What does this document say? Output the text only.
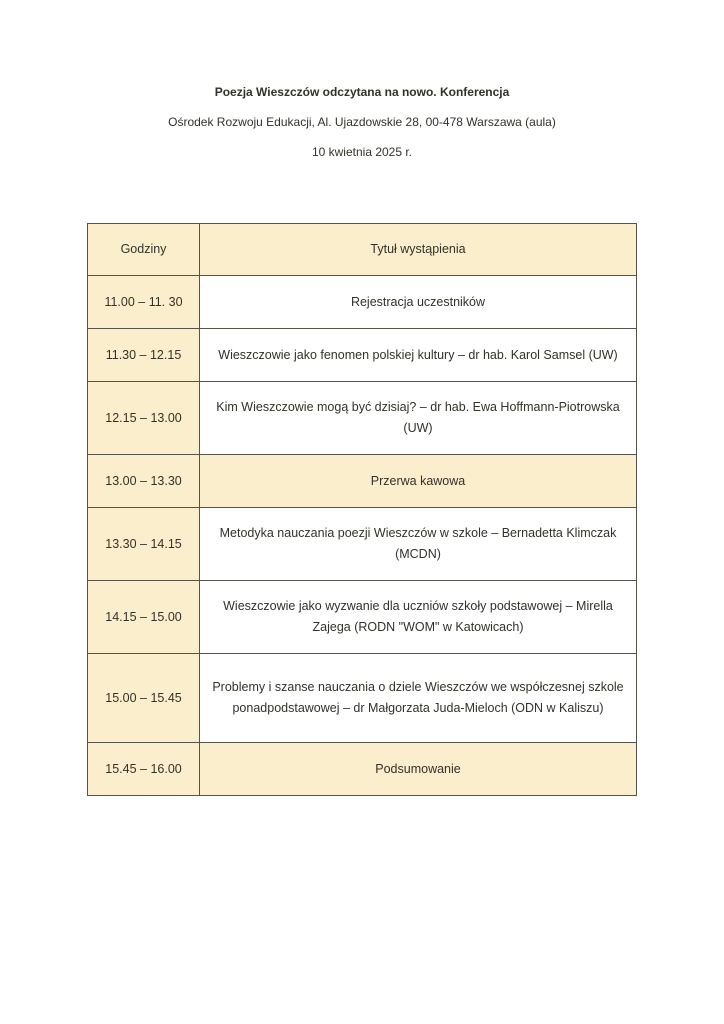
Poezja Wieszczów odczytana na nowo. Konferencja

Ośrodek Rozwoju Edukacji, Al. Ujazdowskie 28, 00-478 Warszawa (aula)

10 kwietnia 2025 r.

Godziny	Tytuł wystąpienia
11.00 – 11. 30	Rejestracja uczestników
11.30 – 12.15	Wieszczowie jako fenomen polskiej kultury – dr hab. Karol Samsel (UW)
12.15 – 13.00	Kim Wieszczowie mogą być dzisiaj? – dr hab. Ewa Hoffmann-Piotrowska (UW)
13.00 – 13.30	Przerwa kawowa
13.30 – 14.15	Metodyka nauczania poezji Wieszczów w szkole – Bernadetta Klimczak (MCDN)
14.15 – 15.00	Wieszczowie jako wyzwanie dla uczniów szkoły podstawowej – Mirella Zajega (RODN "WOM" w Katowicach)
15.00 – 15.45	Problemy i szanse nauczania o dziele Wieszczów we współczesnej szkole ponadpodstawowej – dr Małgorzata Juda-Mieloch (ODN w Kaliszu)
15.45 – 16.00	Podsumowanie
